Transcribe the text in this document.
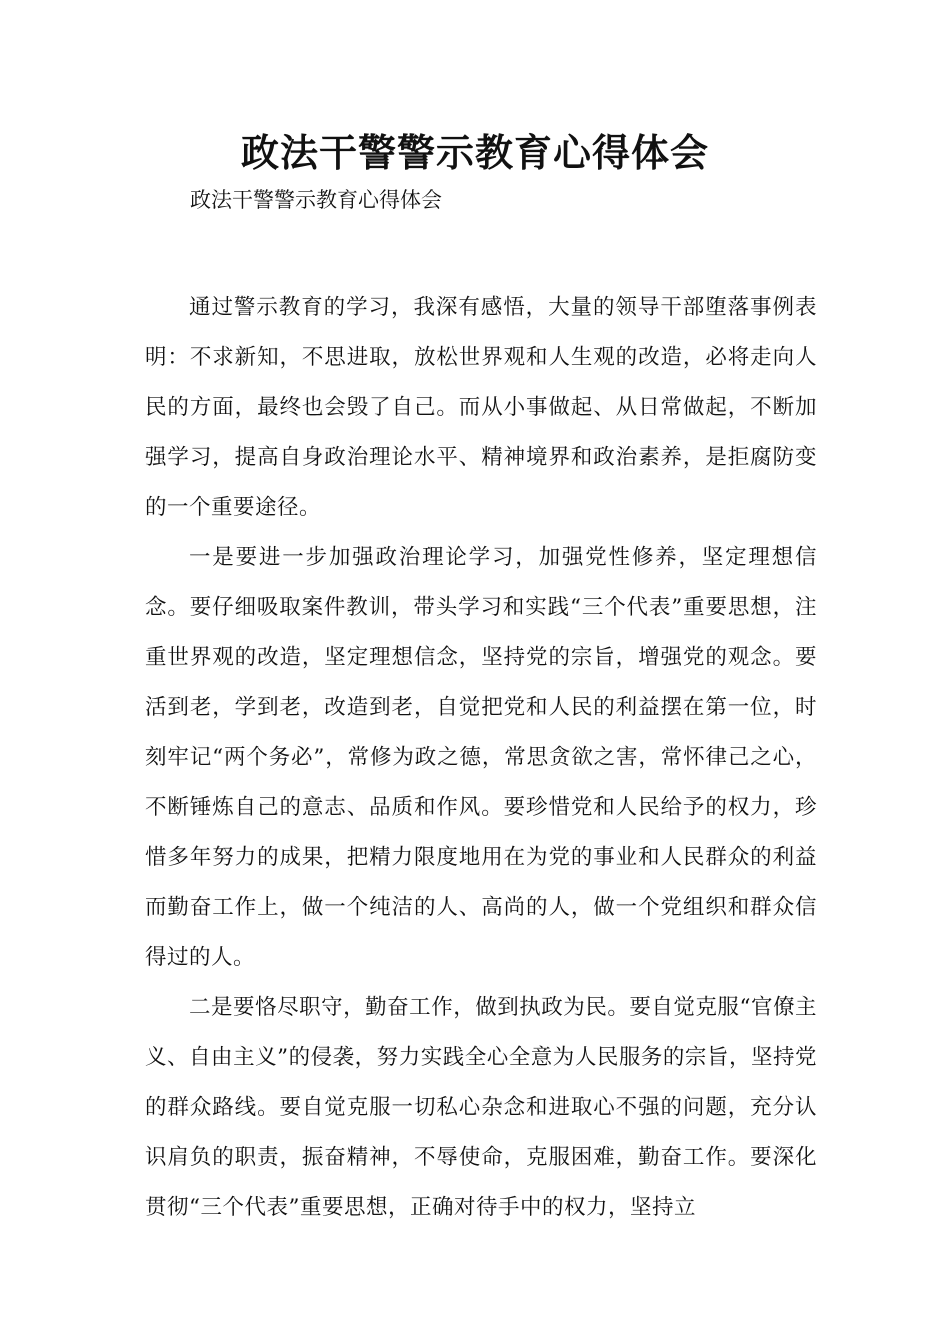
政法干警警示教育心得体会

政法干警警示教育心得体会

通过警示教育的学习，我深有感悟，大量的领导干部堕落事例表明：不求新知，不思进取，放松世界观和人生观的改造，必将走向人民的方面，最终也会毁了自己。而从小事做起、从日常做起，不断加强学习，提高自身政治理论水平、精神境界和政治素养，是拒腐防变的一个重要途径。

一是要进一步加强政治理论学习，加强党性修养，坚定理想信念。要仔细吸取案件教训，带头学习和实践“三个代表”重要思想，注重世界观的改造，坚定理想信念，坚持党的宗旨，增强党的观念。要活到老，学到老，改造到老，自觉把党和人民的利益摆在第一位，时刻牢记“两个务必”，常修为政之德，常思贪欲之害，常怀律己之心，不断锤炼自己的意志、品质和作风。要珍惜党和人民给予的权力，珍惜多年努力的成果，把精力限度地用在为党的事业和人民群众的利益而勤奋工作上，做一个纯洁的人、高尚的人，做一个党组织和群众信得过的人。

二是要恪尽职守，勤奋工作，做到执政为民。要自觉克服“官僚主义、自由主义”的侵袭，努力实践全心全意为人民服务的宗旨，坚持党的群众路线。要自觉克服一切私心杂念和进取心不强的问题，充分认识肩负的职责，振奋精神，不辱使命，克服困难，勤奋工作。要深化贯彻“三个代表”重要思想，正确对待手中的权力，坚持立
